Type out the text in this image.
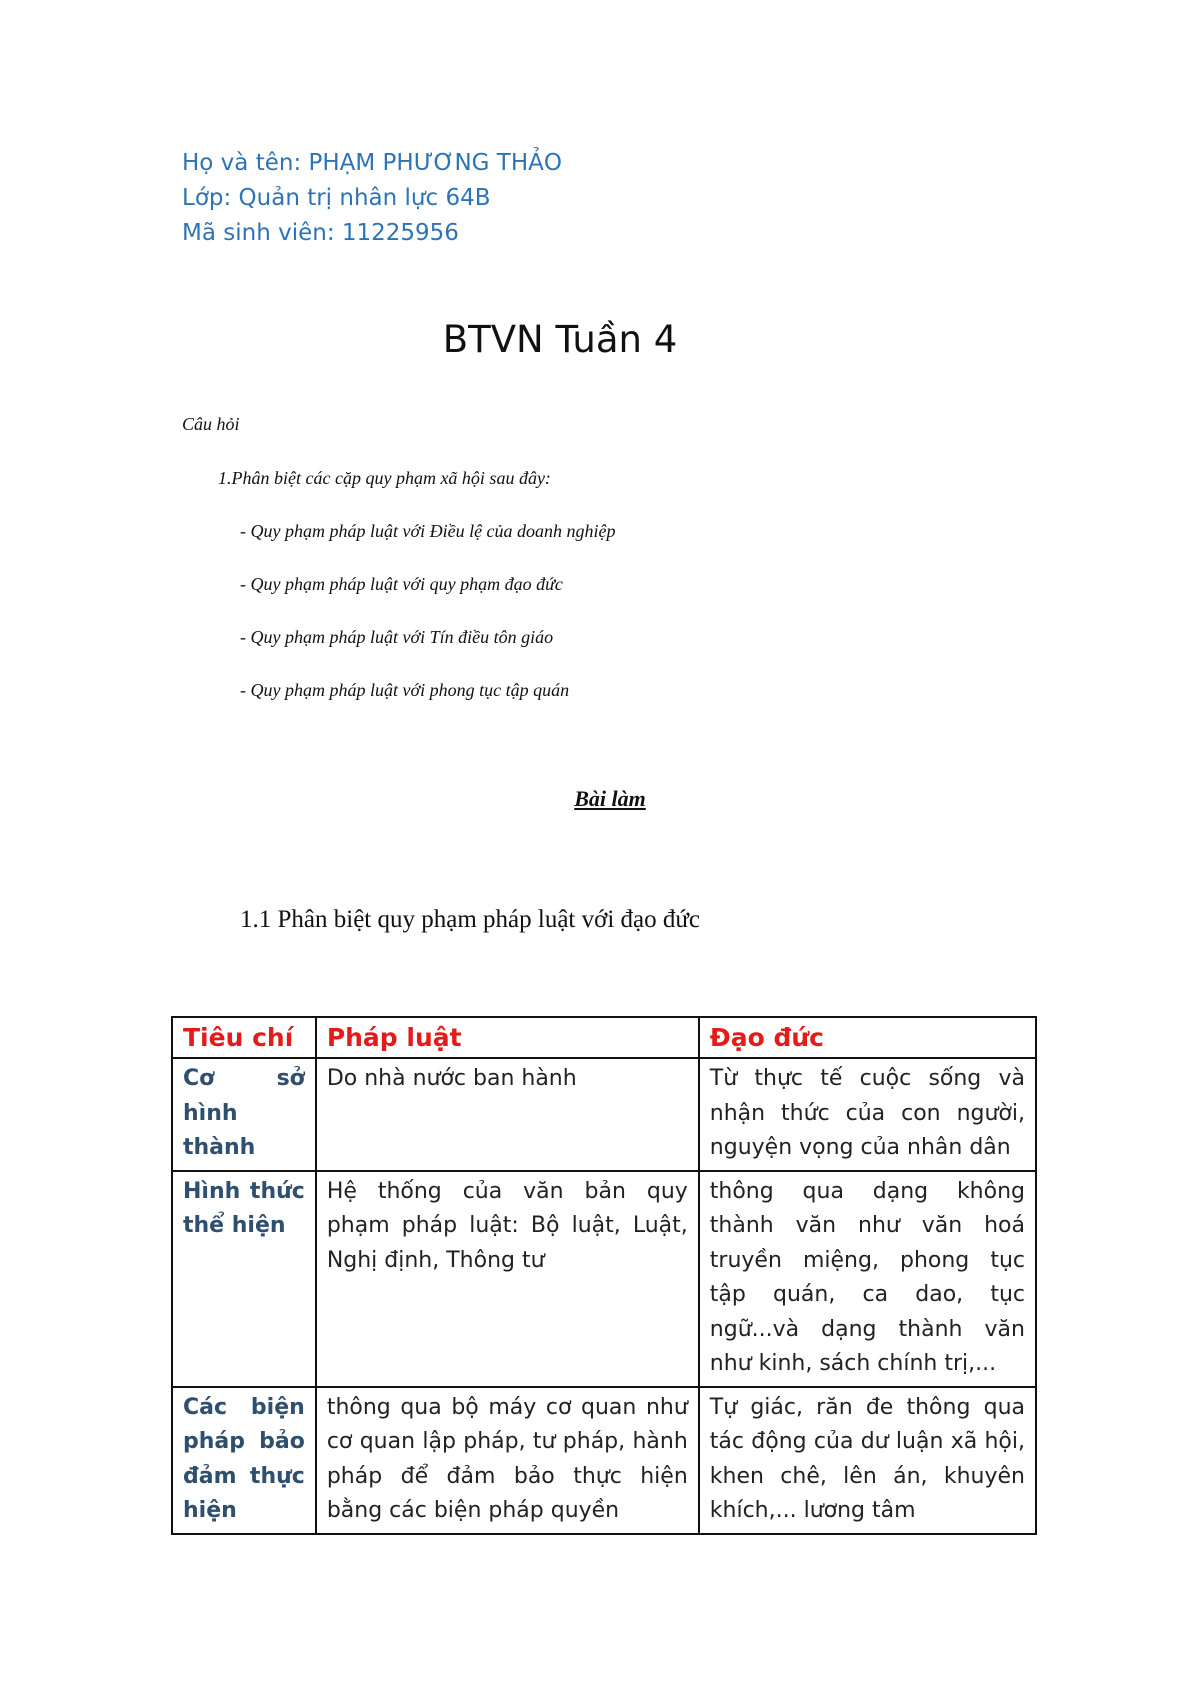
Họ và tên: PHẠM PHƯƠNG THẢO
Lớp: Quản trị nhân lực 64B
Mã sinh viên: 11225956
BTVN Tuần 4
Câu hỏi
1.Phân biệt các cặp quy phạm xã hội sau đây:
- Quy phạm pháp luật với Điều lệ của doanh nghiệp
- Quy phạm pháp luật với quy phạm đạo đức
- Quy phạm pháp luật với Tín điều tôn giáo
- Quy phạm pháp luật với phong tục tập quán
Bài làm
1.1 Phân biệt quy phạm pháp luật với đạo đức
Tiêu chí	Pháp luật	Đạo đức
Cơ sở hình thành	Do nhà nước ban hành	Từ thực tế cuộc sống và nhận thức của con người, nguyện vọng của nhân dân
Hình thức thể hiện	Hệ thống của văn bản quy phạm pháp luật: Bộ luật, Luật, Nghị định, Thông tư	thông qua dạng không thành văn như văn hoá truyền miệng, phong tục tập quán, ca dao, tục ngữ...và dạng thành văn như kinh, sách chính trị,...
Các biện pháp bảo đảm thực hiện	thông qua bộ máy cơ quan như cơ quan lập pháp, tư pháp, hành pháp để đảm bảo thực hiện bằng các biện pháp quyền	Tự giác, răn đe thông qua tác động của dư luận xã hội, khen chê, lên án, khuyên khích,... lương tâm
